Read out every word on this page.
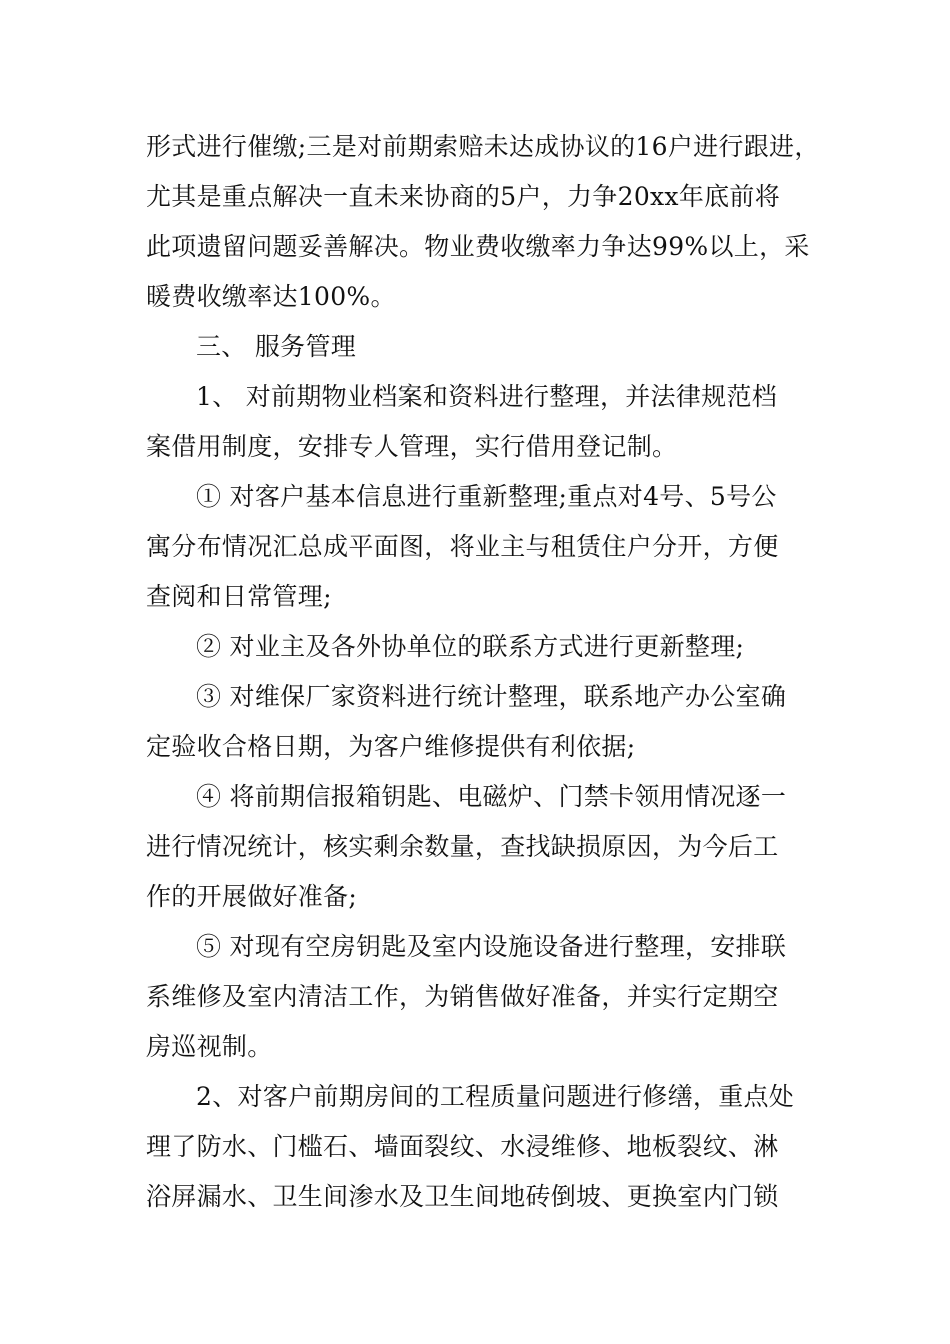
形式进行催缴;三是对前期索赔未达成协议的16户进行跟进，
尤其是重点解决一直未来协商的5户，力争20xx年底前将
此项遗留问题妥善解决。物业费收缴率力争达99%以上，采
暖费收缴率达100%。

三、 服务管理

1、 对前期物业档案和资料进行整理，并法律规范档
案借用制度，安排专人管理，实行借用登记制。

① 对客户基本信息进行重新整理;重点对4号、5号公
寓分布情况汇总成平面图，将业主与租赁住户分开，方便
查阅和日常管理;

② 对业主及各外协单位的联系方式进行更新整理;

③ 对维保厂家资料进行统计整理，联系地产办公室确
定验收合格日期，为客户维修提供有利依据;

④ 将前期信报箱钥匙、电磁炉、门禁卡领用情况逐一
进行情况统计，核实剩余数量，查找缺损原因，为今后工
作的开展做好准备;

⑤ 对现有空房钥匙及室内设施设备进行整理，安排联
系维修及室内清洁工作，为销售做好准备，并实行定期空
房巡视制。

2、对客户前期房间的工程质量问题进行修缮，重点处
理了防水、门槛石、墙面裂纹、水浸维修、地板裂纹、淋
浴屏漏水、卫生间渗水及卫生间地砖倒坡、更换室内门锁
